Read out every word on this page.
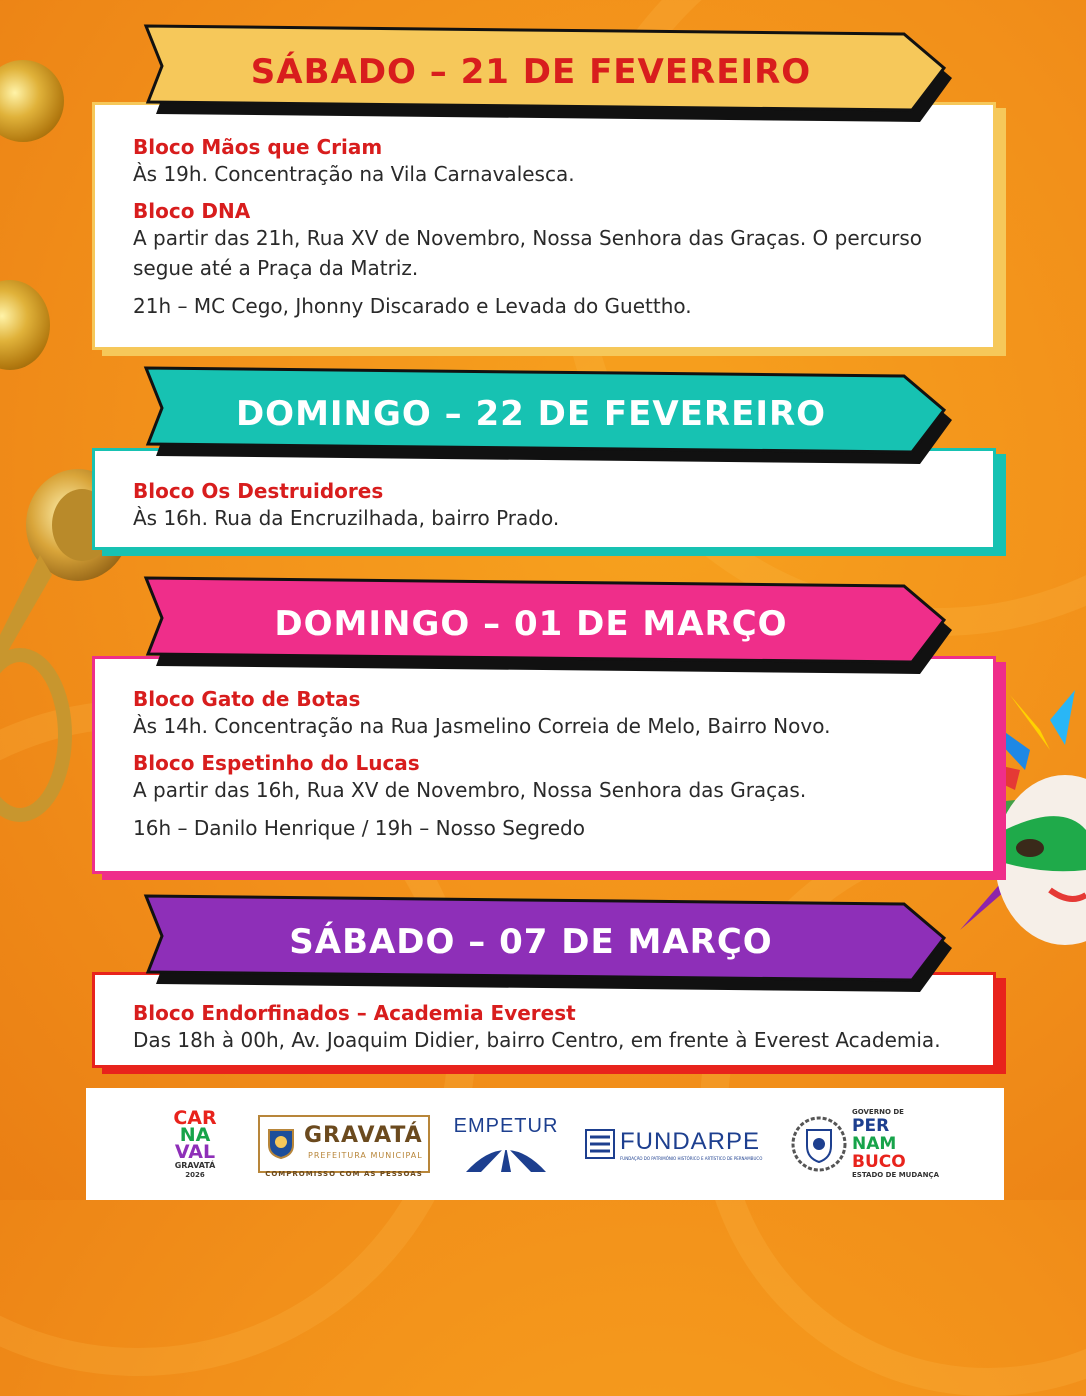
Bloco Mãos que Criam
Às 19h. Concentração na Vila Carnavalesca.
Bloco DNA
A partir das 21h, Rua XV de Novembro, Nossa Senhora das Graças. O percurso segue até a Praça da Matriz.
21h – MC Cego, Jhonny Discarado e Levada do Guettho.
SÁBADO – 21 DE FEVEREIRO
Bloco Os Destruidores
Às 16h. Rua da Encruzilhada, bairro Prado.
DOMINGO – 22 DE FEVEREIRO
Bloco Gato de Botas
Às 14h. Concentração na Rua Jasmelino Correia de Melo, Bairro Novo.
Bloco Espetinho do Lucas
A partir das 16h, Rua XV de Novembro, Nossa Senhora das Graças.
16h – Danilo Henrique / 19h – Nosso Segredo
DOMINGO – 01 DE MARÇO
Bloco Endorfinados – Academia Everest
Das 18h à 00h, Av. Joaquim Didier, bairro Centro, em frente à Everest Academia.
SÁBADO – 07 DE MARÇO
CAR
NA
VAL
GRAVATÁ
2026
GRAVATÁ
PREFEITURA MUNICIPAL
COMPROMISSO COM AS PESSOAS
EMPETUR
FUNDARPE
FUNDAÇÃO DO PATRIMÔNIO HISTÓRICO E ARTÍSTICO DE PERNAMBUCO
GOVERNO DE
PER
NAM
BUCO
ESTADO DE MUDANÇA
